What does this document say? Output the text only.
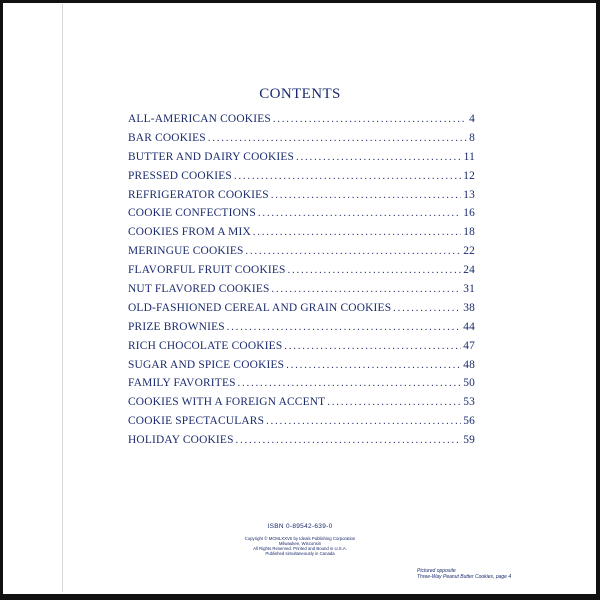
CONTENTS
ALL-AMERICAN COOKIES .....	4
BAR COOKIES .....	8
BUTTER AND DAIRY COOKIES .....	11
PRESSED COOKIES .....	12
REFRIGERATOR COOKIES .....	13
COOKIE CONFECTIONS .....	16
COOKIES FROM A MIX .....	18
MERINGUE COOKIES .....	22
FLAVORFUL FRUIT COOKIES .....	24
NUT FLAVORED COOKIES .....	31
OLD-FASHIONED CEREAL AND GRAIN COOKIES .....	38
PRIZE BROWNIES .....	44
RICH CHOCOLATE COOKIES .....	47
SUGAR AND SPICE COOKIES .....	48
FAMILY FAVORITES .....	50
COOKIES WITH A FOREIGN ACCENT .....	53
COOKIE SPECTACULARS .....	56
HOLIDAY COOKIES .....	59
ISBN 0-89542-639-0
Copyright © MCMLXXVII by Ideals Publishing Corporation
Milwaukee, Wisconsin
All Rights Reserved. Printed and Bound in U.S.A.
Published simultaneously in Canada
Pictured opposite
Three-Way Peanut Butter Cookies, page 4
